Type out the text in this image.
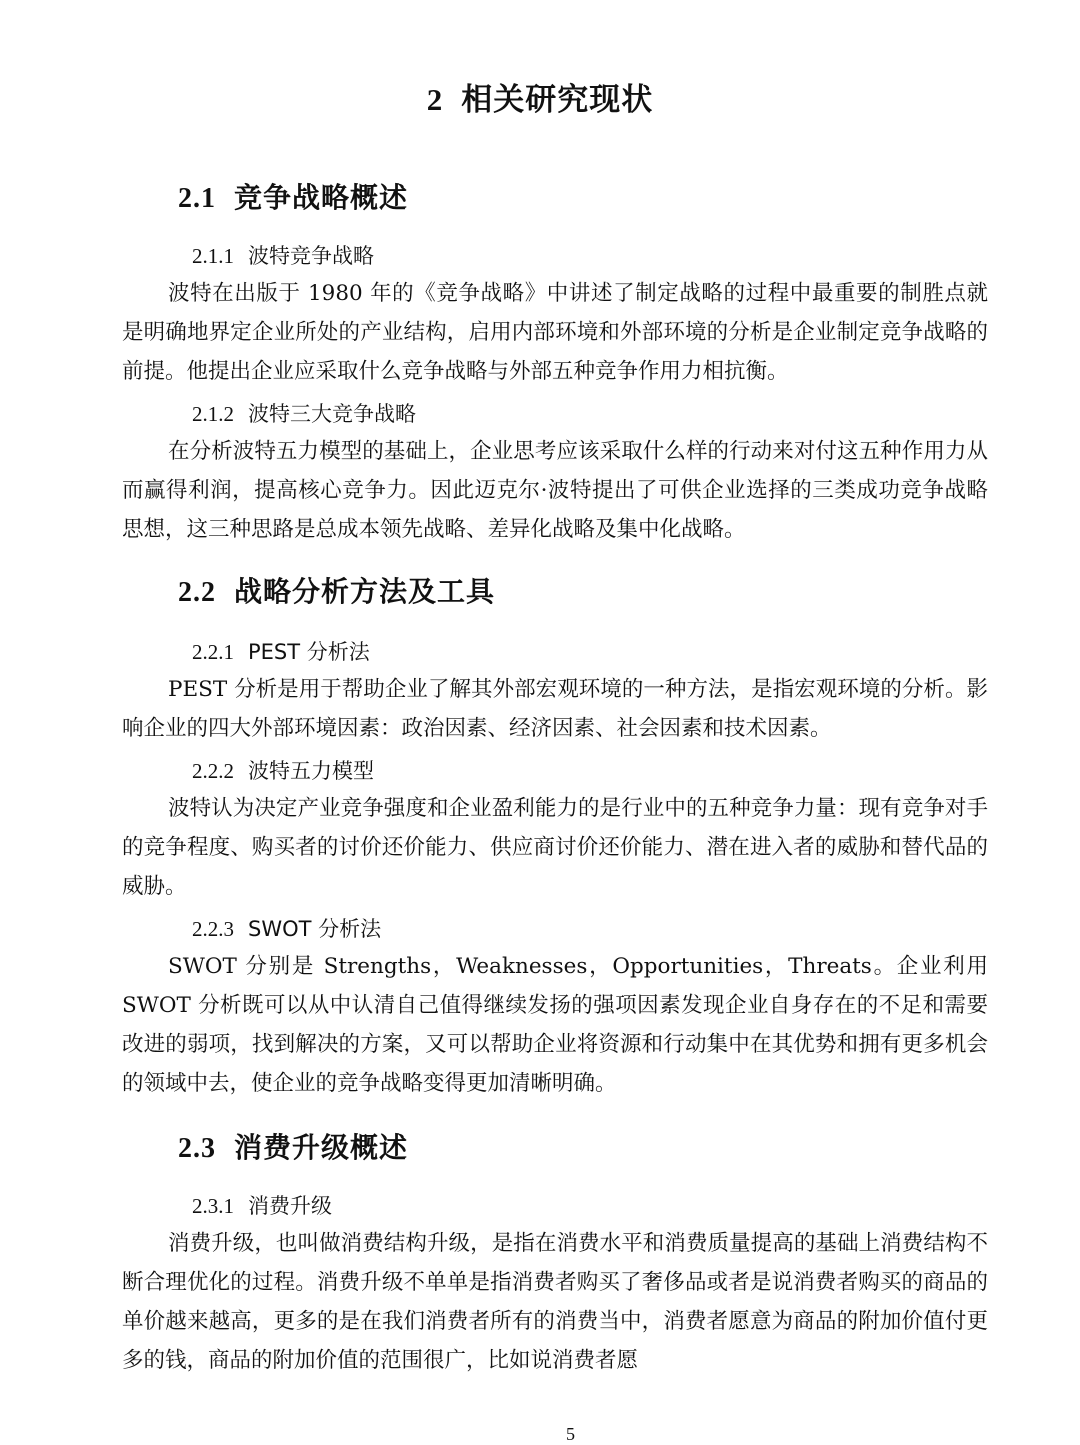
2 相关研究现状
2.1 竞争战略概述
2.1.1 波特竞争战略
波特在出版于 1980 年的《竞争战略》中讲述了制定战略的过程中最重要的制胜点就是明确地界定企业所处的产业结构，启用内部环境和外部环境的分析是企业制定竞争战略的前提。他提出企业应采取什么竞争战略与外部五种竞争作用力相抗衡。
2.1.2 波特三大竞争战略
在分析波特五力模型的基础上，企业思考应该采取什么样的行动来对付这五种作用力从而赢得利润，提高核心竞争力。因此迈克尔·波特提出了可供企业选择的三类成功竞争战略思想，这三种思路是总成本领先战略、差异化战略及集中化战略。
2.2 战略分析方法及工具
2.2.1 PEST 分析法
PEST 分析是用于帮助企业了解其外部宏观环境的一种方法，是指宏观环境的分析。影响企业的四大外部环境因素：政治因素、经济因素、社会因素和技术因素。
2.2.2 波特五力模型
波特认为决定产业竞争强度和企业盈利能力的是行业中的五种竞争力量：现有竞争对手的竞争程度、购买者的讨价还价能力、供应商讨价还价能力、潜在进入者的威胁和替代品的威胁。
2.2.3 SWOT 分析法
SWOT 分别是 Strengths，Weaknesses，Opportunities，Threats。企业利用 SWOT 分析既可以从中认清自己值得继续发扬的强项因素发现企业自身存在的不足和需要改进的弱项，找到解决的方案，又可以帮助企业将资源和行动集中在其优势和拥有更多机会的领域中去，使企业的竞争战略变得更加清晰明确。
2.3 消费升级概述
2.3.1 消费升级
消费升级，也叫做消费结构升级，是指在消费水平和消费质量提高的基础上消费结构不断合理优化的过程。消费升级不单单是指消费者购买了奢侈品或者是说消费者购买的商品的单价越来越高，更多的是在我们消费者所有的消费当中，消费者愿意为商品的附加价值付更多的钱，商品的附加价值的范围很广，比如说消费者愿
5
